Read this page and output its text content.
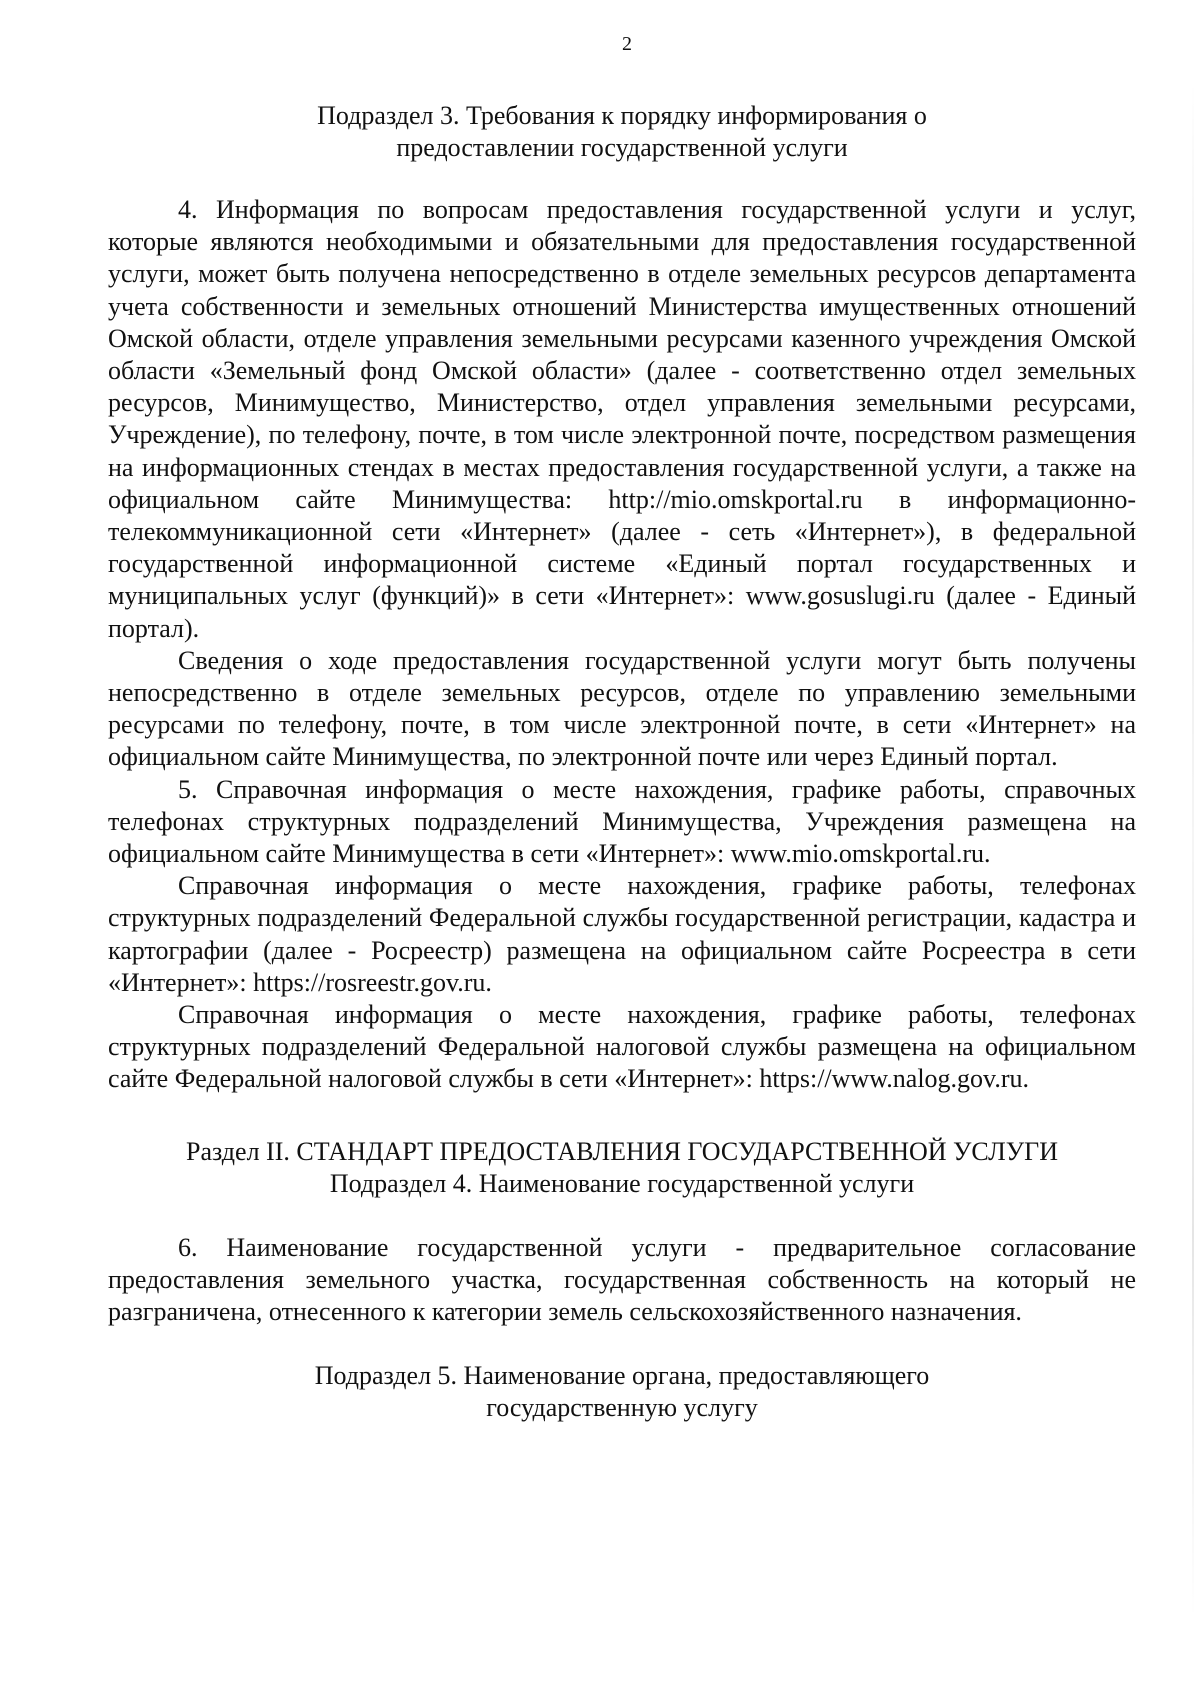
2
Подраздел 3. Требования к порядку информирования о
предоставлении государственной услуги

4. Информация по вопросам предоставления государственной услуги и услуг, которые являются необходимыми и обязательными для предоставления государственной услуги, может быть получена непосредственно в отделе земельных ресурсов департамента учета собственности и земельных отношений Министерства имущественных отношений Омской области, отделе управления земельными ресурсами казенного учреждения Омской области «Земельный фонд Омской области» (далее - соответственно отдел земельных ресурсов, Минимущество, Министерство, отдел управления земельными ресурсами, Учреждение), по телефону, почте, в том числе электронной почте, посредством размещения на информационных стендах в местах предоставления государственной услуги, а также на официальном сайте Минимущества: http://mio.omskportal.ru в информационно-телекоммуникационной сети «Интернет» (далее - сеть «Интернет»), в федеральной государственной информационной системе «Единый портал государственных и муниципальных услуг (функций)» в сети «Интернет»: www.gosuslugi.ru (далее - Единый портал).

Сведения о ходе предоставления государственной услуги могут быть получены непосредственно в отделе земельных ресурсов, отделе по управлению земельными ресурсами по телефону, почте, в том числе электронной почте, в сети «Интернет» на официальном сайте Минимущества, по электронной почте или через Единый портал.

5. Справочная информация о месте нахождения, графике работы, справочных телефонах структурных подразделений Минимущества, Учреждения размещена на официальном сайте Минимущества в сети «Интернет»: www.mio.omskportal.ru.

Справочная информация о месте нахождения, графике работы, телефонах структурных подразделений Федеральной службы государственной регистрации, кадастра и картографии (далее - Росреестр) размещена на официальном сайте Росреестра в сети «Интернет»: https://rosreestr.gov.ru.

Справочная информация о месте нахождения, графике работы, телефонах структурных подразделений Федеральной налоговой службы размещена на официальном сайте Федеральной налоговой службы в сети «Интернет»: https://www.nalog.gov.ru.

Раздел II. СТАНДАРТ ПРЕДОСТАВЛЕНИЯ ГОСУДАРСТВЕННОЙ УСЛУГИ
Подраздел 4. Наименование государственной услуги

6. Наименование государственной услуги - предварительное согласование предоставления земельного участка, государственная собственность на который не разграничена, отнесенного к категории земель сельскохозяйственного назначения.

Подраздел 5. Наименование органа, предоставляющего
государственную услугу
